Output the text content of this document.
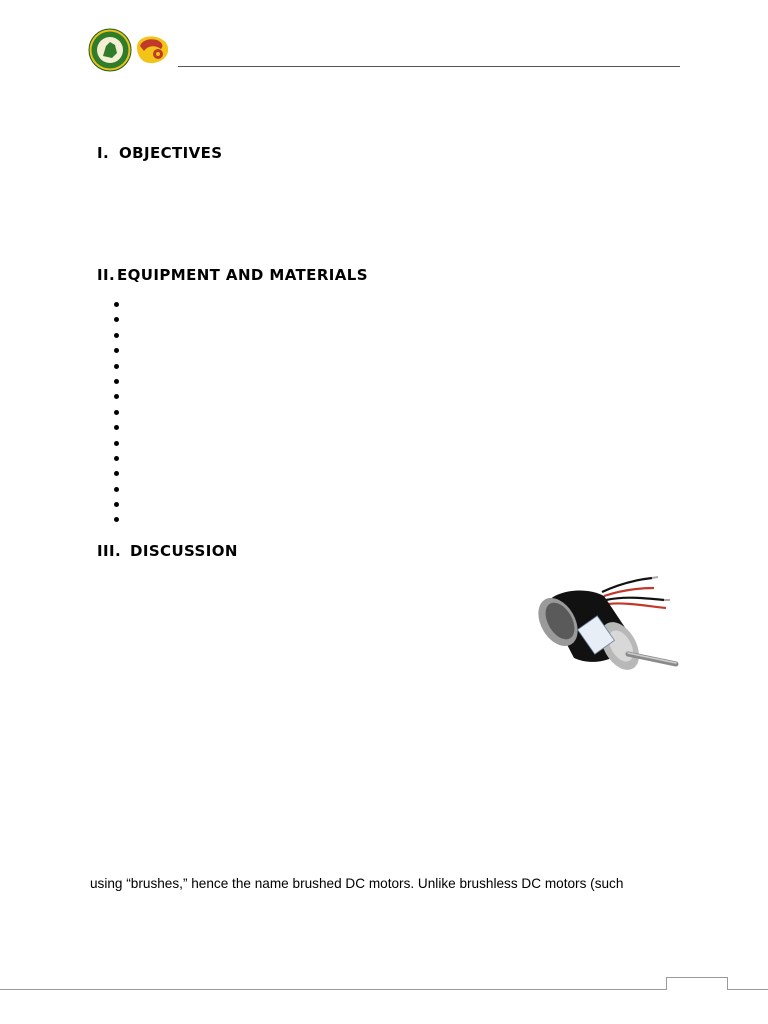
I. OBJECTIVES
II. EQUIPMENT AND MATERIALS
III. DISCUSSION
using “brushes,” hence the name brushed DC motors. Unlike brushless DC motors (such
